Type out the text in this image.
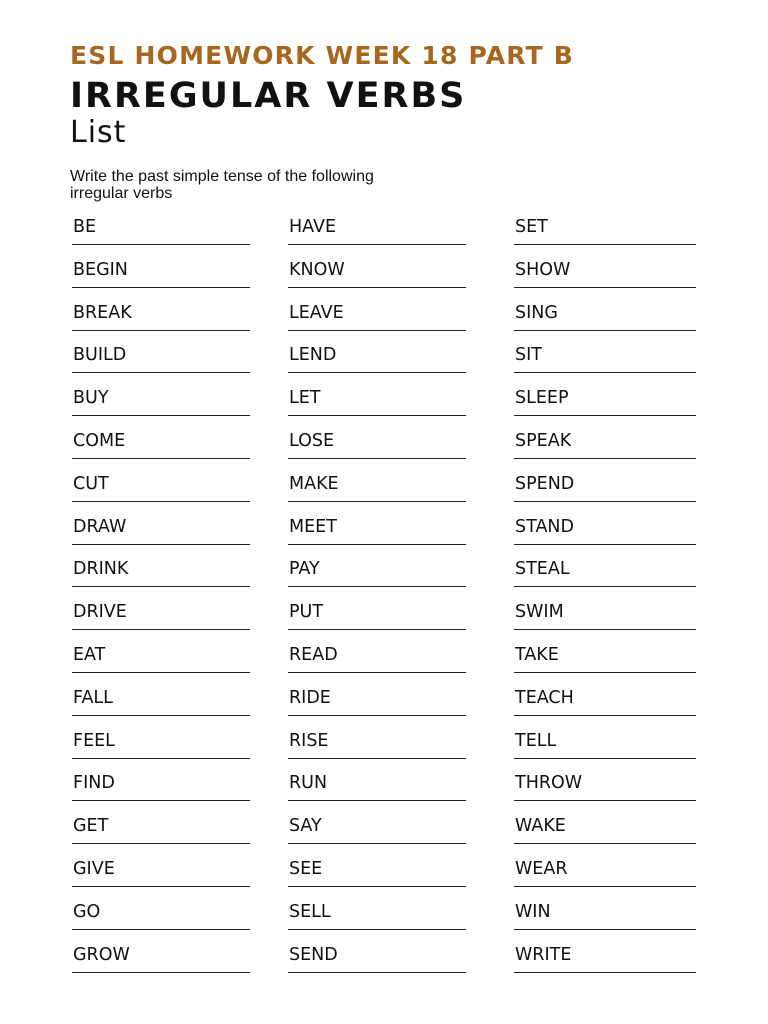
ESL HOMEWORK WEEK 18 PART B
IRREGULAR VERBS
List
Write the past simple tense of the following irregular verbs
BE
BEGIN
BREAK
BUILD
BUY
COME
CUT
DRAW
DRINK
DRIVE
EAT
FALL
FEEL
FIND
GET
GIVE
GO
GROW
HAVE
KNOW
LEAVE
LEND
LET
LOSE
MAKE
MEET
PAY
PUT
READ
RIDE
RISE
RUN
SAY
SEE
SELL
SEND
SET
SHOW
SING
SIT
SLEEP
SPEAK
SPEND
STAND
STEAL
SWIM
TAKE
TEACH
TELL
THROW
WAKE
WEAR
WIN
WRITE
